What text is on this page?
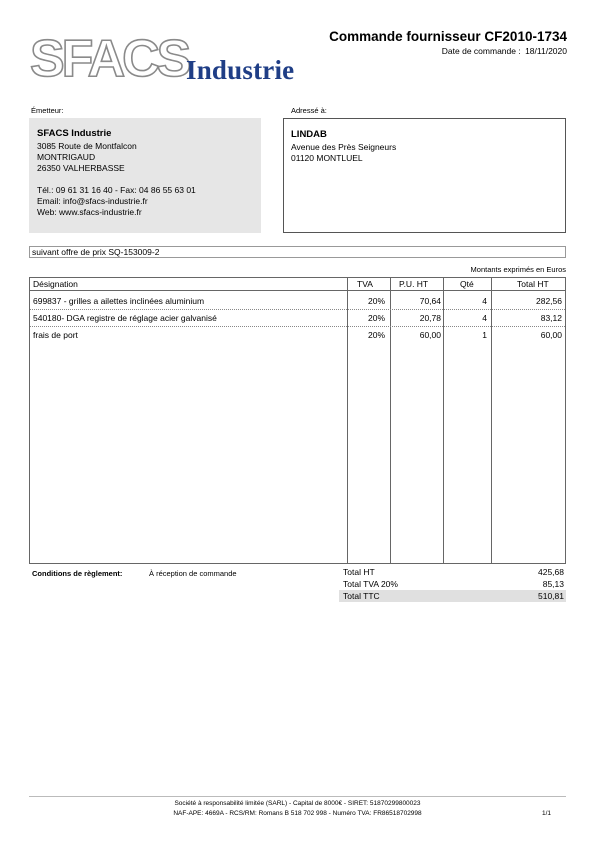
SFACS
Industrie
Commande fournisseur CF2010-1734
Date de commande : 18/11/2020
Émetteur:
SFACS Industrie
3085 Route de Montfalcon
MONTRIGAUD
26350 VALHERBASSE
Tél.: 09 61 31 16 40 - Fax: 04 86 55 63 01
Email: info@sfacs-industrie.fr
Web: www.sfacs-industrie.fr
Adressé à:
LINDAB
Avenue des Près Seigneurs
01120 MONTLUEL
suivant offre de prix SQ-153009-2
Montants exprimés en Euros
Désignation	TVA	P.U. HT	Qté	Total HT
699837 - grilles a ailettes inclinées aluminium	20%	70,64	4	282,56
540180- DGA registre de réglage acier galvanisé	20%	20,78	4	83,12
frais de port	20%	60,00	1	60,00
Conditions de règlement:	À réception de commande	Total HT	425,68
Total TVA 20%	85,13
Total TTC	510,81
Société à responsabilité limitée (SARL) - Capital de 8000€ - SIRET: 51870299800023
NAF-APE: 4669A - RCS/RM: Romans B 518 702 998 - Numéro TVA: FR86518702998	1/1
